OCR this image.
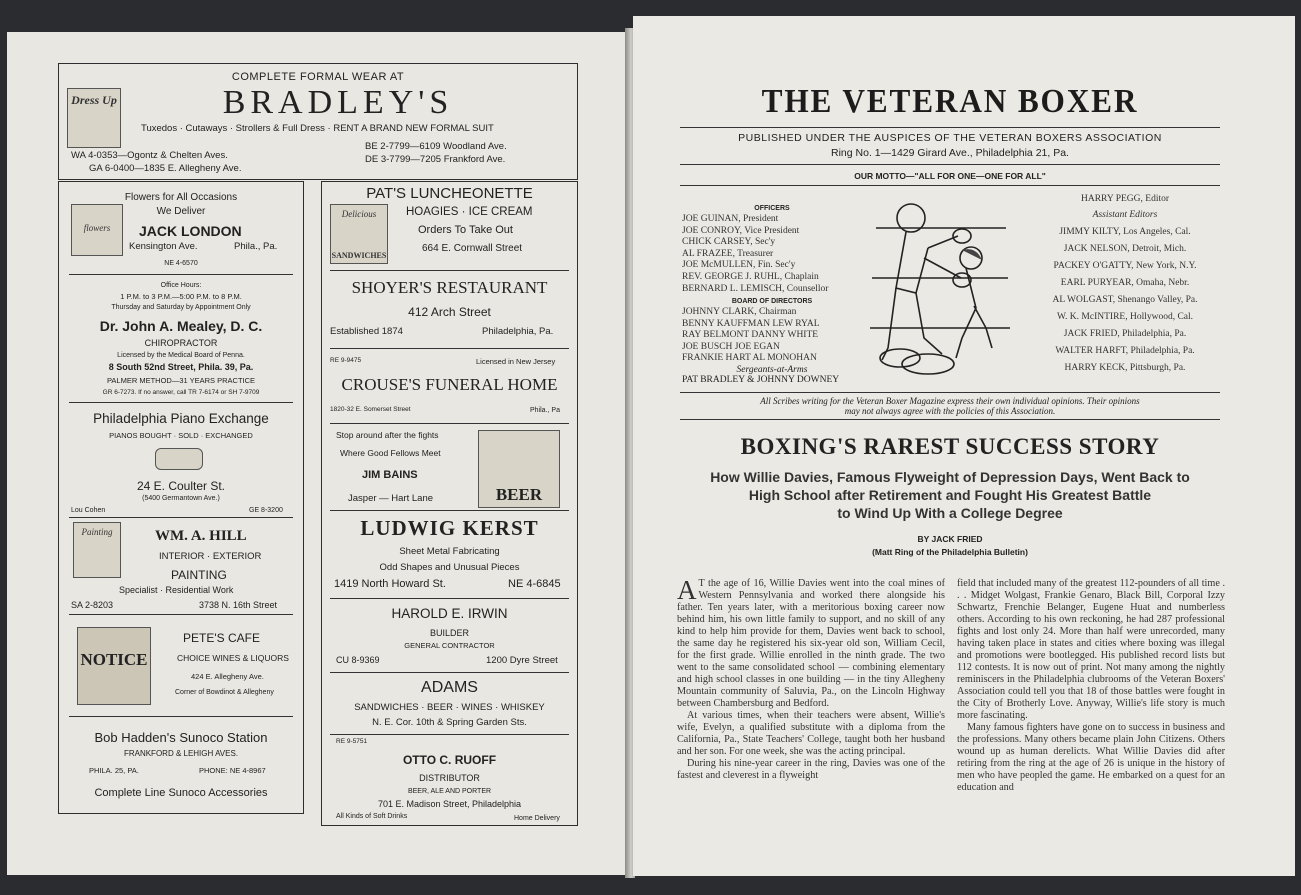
COMPLETE FORMAL WEAR AT
BRADLEY'S
Dress Up
Tuxedos · Cutaways · Strollers & Full Dress · RENT A BRAND NEW FORMAL SUIT
WA 4-0353—Ogontz & Chelten Aves.
GA 6-0400—1835 E. Allegheny Ave.
BE 2-7799—6109 Woodland Ave.
DE 3-7799—7205 Frankford Ave.
Flowers for All Occasions
We Deliver
flowers	JACK LONDON
Kensington Ave.	Phila., Pa.
NE 4-6570
Office Hours:
1 P.M. to 3 P.M.—5:00 P.M. to 8 P.M.
Thursday and Saturday by Appointment Only
Dr. John A. Mealey, D. C.
CHIROPRACTOR
Licensed by the Medical Board of Penna.
8 South 52nd Street, Phila. 39, Pa.
PALMER METHOD—31 YEARS PRACTICE
GR 6-7273. If no answer, call TR 7-6174 or SH 7-9709
Philadelphia Piano Exchange
PIANOS BOUGHT · SOLD · EXCHANGED
24 E. Coulter St.
(5400 Germantown Ave.)
Lou Cohen	GE 8-3200
Painting	WM. A. HILL
INTERIOR · EXTERIOR
PAINTING
Specialist · Residential Work
SA 2-8203	3738 N. 16th Street
NOTICE
PETE'S CAFE
CHOICE WINES & LIQUORS
424 E. Allegheny Ave.
Corner of Bowdinot & Allegheny
Bob Hadden's Sunoco Station
FRANKFORD & LEHIGH AVES.
PHILA. 25, PA.	PHONE: NE 4-8967
Complete Line Sunoco Accessories
PAT'S LUNCHEONETTE
Delicious
SANDWICHES
HOAGIES · ICE CREAM
Orders To Take Out
664 E. Cornwall Street
SHOYER'S RESTAURANT
412 Arch Street
Established 1874	Philadelphia, Pa.
RE 9-9475	Licensed in New Jersey
CROUSE'S FUNERAL HOME
1820-32 E. Somerset Street	Phila., Pa
Stop around after the fights
Where Good Fellows Meet
JIM BAINS
Jasper — Hart Lane	BEER
LUDWIG KERST
Sheet Metal Fabricating
Odd Shapes and Unusual Pieces
1419 North Howard St.	NE 4-6845
HAROLD E. IRWIN
BUILDER
GENERAL CONTRACTOR
CU 8-9369	1200 Dyre Street
ADAMS
SANDWICHES · BEER · WINES · WHISKEY
N. E. Cor. 10th & Spring Garden Sts.
RE 9-5751
OTTO C. RUOFF
DISTRIBUTOR
BEER, ALE AND PORTER
701 E. Madison Street, Philadelphia
All Kinds of Soft Drinks	Home Delivery
THE VETERAN BOXER
PUBLISHED UNDER THE AUSPICES OF THE VETERAN BOXERS ASSOCIATION
Ring No. 1—1429 Girard Ave., Philadelphia 21, Pa.
OUR MOTTO—"ALL FOR ONE—ONE FOR ALL"
OFFICERS

JOE GUINAN, President

JOE CONROY, Vice President

CHICK CARSEY, Sec'y

AL FRAZEE, Treasurer

JOE McMULLEN, Fin. Sec'y

REV. GEORGE J. RUHL, Chaplain

BERNARD L. LEMISCH, Counsellor

BOARD OF DIRECTORS

JOHNNY CLARK, Chairman

BENNY KAUFFMAN LEW RYAL

RAY BELMONT DANNY WHITE

JOE BUSCH JOE EGAN

FRANKIE HART AL MONOHAN

Sergeants-at-Arms
PAT BRADLEY & JOHNNY DOWNEY

HARRY PEGG, Editor

Assistant Editors

JIMMY KILTY, Los Angeles, Cal.

JACK NELSON, Detroit, Mich.

PACKEY O'GATTY, New York, N.Y.

EARL PURYEAR, Omaha, Nebr.

AL WOLGAST, Shenango Valley, Pa.

W. K. McINTIRE, Hollywood, Cal.

JACK FRIED, Philadelphia, Pa.

WALTER HARFT, Philadelphia, Pa.

HARRY KECK, Pittsburgh, Pa.

All Scribes writing for the Veteran Boxer Magazine express their own individual opinions. Their opinions
may not always agree with the policies of this Association.
BOXING'S RAREST SUCCESS STORY
How Willie Davies, Famous Flyweight of Depression Days, Went Back to
High School after Retirement and Fought His Greatest Battle
to Wind Up With a College Degree
BY JACK FRIED
(Matt Ring of the Philadelphia Bulletin)

A T the age of 16, Willie Davies went into the coal mines of Western Pennsylvania and worked there alongside his father. Ten years later, with a meritorious boxing career now behind him, his own little family to support, and no skill of any kind to help him provide for them, Davies went back to school, the same day he registered his six-year old son, William Cecil, for the first grade. Willie enrolled in the ninth grade. The two went to the same consolidated school — combining elementary and high school classes in one building — in the tiny Allegheny Mountain community of Saluvia, Pa., on the Lincoln Highway between Chambersburg and Bedford.

At various times, when their teachers were absent, Willie's wife, Evelyn, a qualified substitute with a diploma from the California, Pa., State Teachers' College, taught both her husband and her son. For one week, she was the acting principal.

During his nine-year career in the ring, Davies was one of the fastest and cleverest in a flyweight

field that included many of the greatest 112-pounders of all time . . . Midget Wolgast, Frankie Genaro, Black Bill, Corporal Izzy Schwartz, Frenchie Belanger, Eugene Huat and numberless others. According to his own reckoning, he had 287 professional fights and lost only 24. More than half were unrecorded, many having taken place in states and cities where boxing was illegal and promotions were bootlegged. His published record lists but 112 contests. It is now out of print. Not many among the nightly reminiscers in the Philadelphia clubrooms of the Veteran Boxers' Association could tell you that 18 of those battles were fought in the City of Brotherly Love. Anyway, Willie's life story is much more fascinating.

Many famous fighters have gone on to success in business and the professions. Many others became plain John Citizens. Others wound up as human derelicts. What Willie Davies did after retiring from the ring at the age of 26 is unique in the history of men who have peopled the game. He embarked on a quest for an education and
